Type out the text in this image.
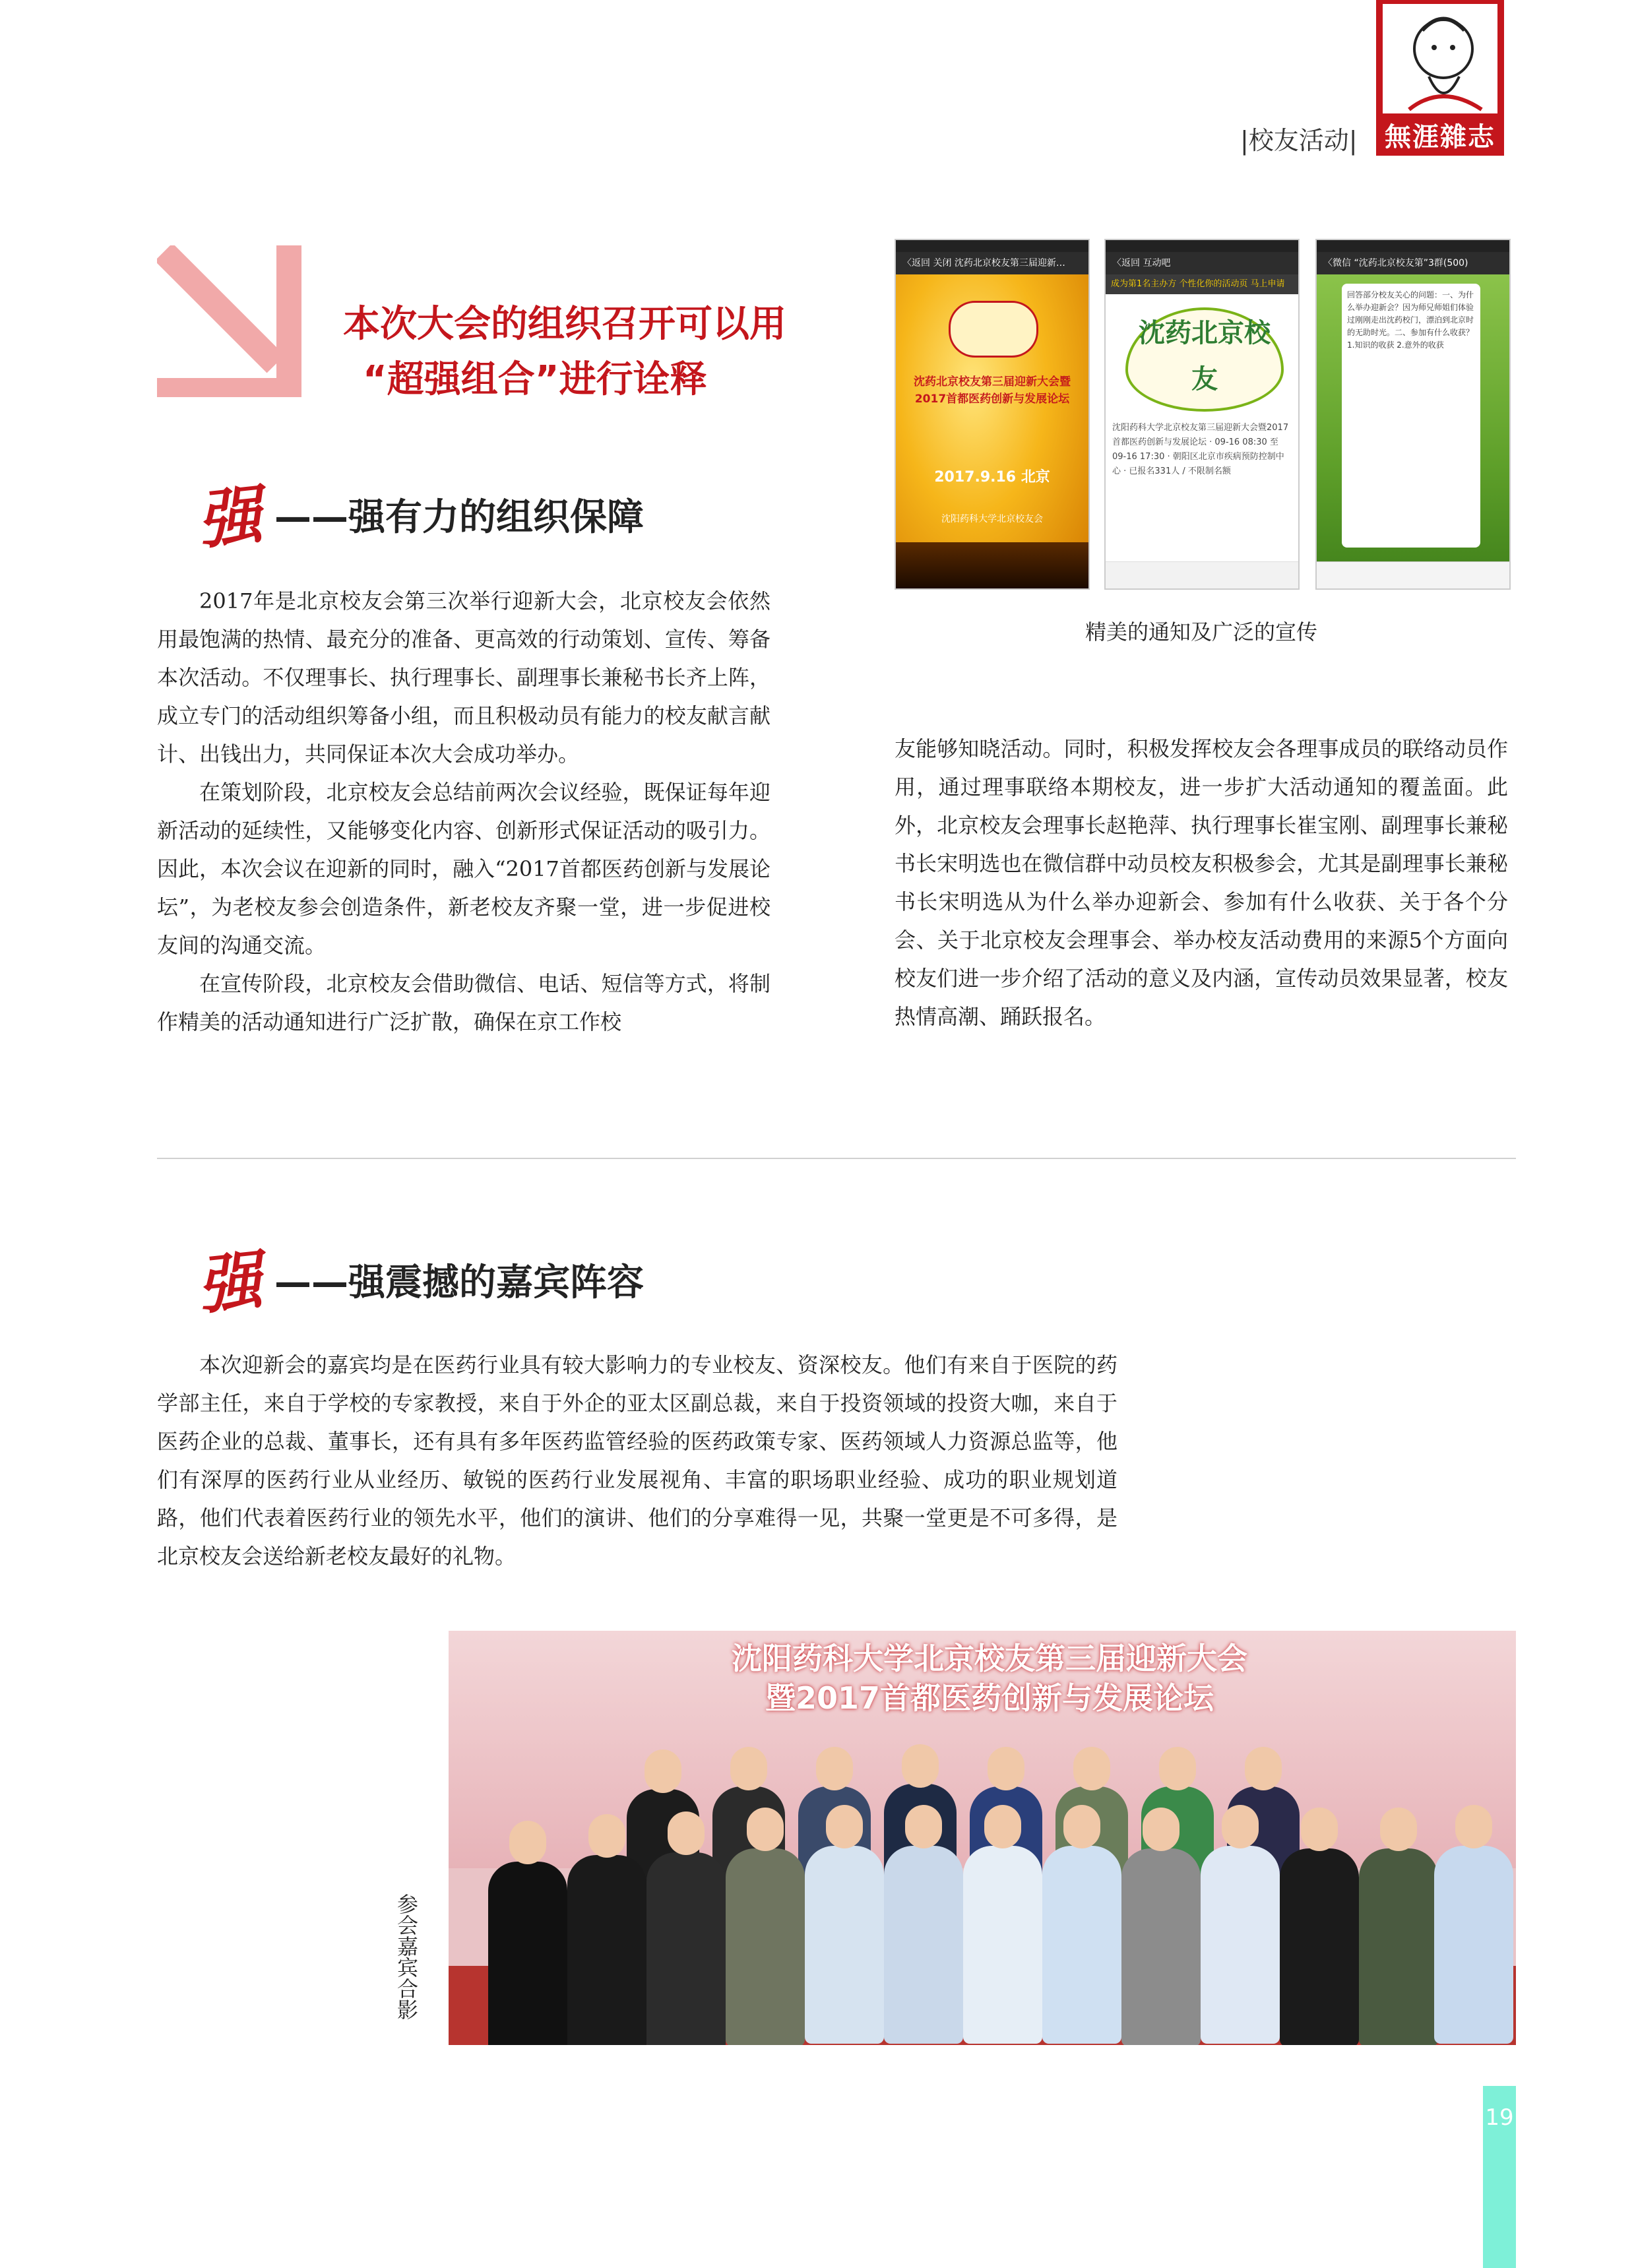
無涯雜志
|校友活动|
本次大会的组织召开可以用
“超强组合”进行诠释
强 ——强有力的组织保障

2017年是北京校友会第三次举行迎新大会，北京校友会依然用最饱满的热情、最充分的准备、更高效的行动策划、宣传、筹备本次活动。不仅理事长、执行理事长、副理事长兼秘书长齐上阵，成立专门的活动组织筹备小组，而且积极动员有能力的校友献言献计、出钱出力，共同保证本次大会成功举办。

在策划阶段，北京校友会总结前两次会议经验，既保证每年迎新活动的延续性，又能够变化内容、创新形式保证活动的吸引力。因此，本次会议在迎新的同时，融入“2017首都医药创新与发展论坛”，为老校友参会创造条件，新老校友齐聚一堂，进一步促进校友间的沟通交流。

在宣传阶段，北京校友会借助微信、电话、短信等方式，将制作精美的活动通知进行广泛扩散，确保在京工作校

〈返回 关闭 沈药北京校友第三届迎新…
沈药北京校友第三届迎新大会暨2017首都医药创新与发展论坛
2017.9.16 北京
沈阳药科大学北京校友会
〈返回 互动吧
成为第1名主办方 个性化你的活动页 马上申请
沈药北京校友
沈阳药科大学北京校友第三届迎新大会暨2017首都医药创新与发展论坛 · 09-16 08:30 至 09-16 17:30 · 朝阳区北京市疾病预防控制中心 · 已报名331人 / 不限制名额
〈微信 “沈药北京校友第”3群(500)
回答部分校友关心的问题：一、为什么举办迎新会？因为师兄师姐们体验过刚刚走出沈药校门，漂泊到北京时的无助时光。二、参加有什么收获？1.知识的收获 2.意外的收获
精美的通知及广泛的宣传

友能够知晓活动。同时，积极发挥校友会各理事成员的联络动员作用，通过理事联络本期校友，进一步扩大活动通知的覆盖面。此外，北京校友会理事长赵艳萍、执行理事长崔宝刚、副理事长兼秘书长宋明选也在微信群中动员校友积极参会，尤其是副理事长兼秘书长宋明选从为什么举办迎新会、参加有什么收获、关于各个分会、关于北京校友会理事会、举办校友活动费用的来源5个方面向校友们进一步介绍了活动的意义及内涵，宣传动员效果显著，校友热情高潮、踊跃报名。

强 ——强震撼的嘉宾阵容

本次迎新会的嘉宾均是在医药行业具有较大影响力的专业校友、资深校友。他们有来自于医院的药学部主任，来自于学校的专家教授，来自于外企的亚太区副总裁，来自于投资领域的投资大咖，来自于医药企业的总裁、董事长，还有具有多年医药监管经验的医药政策专家、医药领域人力资源总监等，他们有深厚的医药行业从业经历、敏锐的医药行业发展视角、丰富的职场职业经验、成功的职业规划道路，他们代表着医药行业的领先水平，他们的演讲、他们的分享难得一见，共聚一堂更是不可多得，是北京校友会送给新老校友最好的礼物。

沈阳药科大学北京校友第三届迎新大会
暨2017首都医药创新与发展论坛
参会嘉宾合影
19
